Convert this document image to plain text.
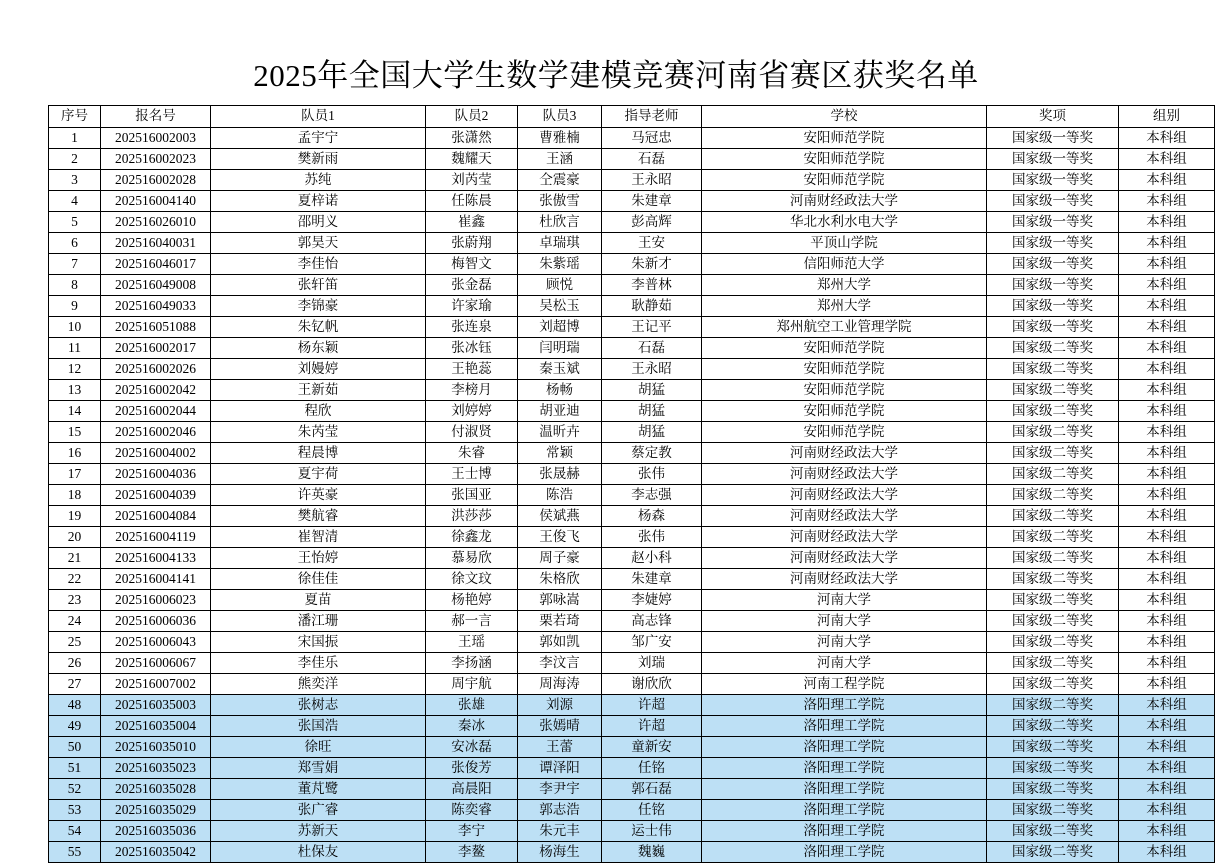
2025年全国大学生数学建模竞赛河南省赛区获奖名单
序号	报名号	队员1	队员2	队员3	指导老师	学校	奖项	组别
1	202516002003	孟宇宁	张潇然	曹雅楠	马冠忠	安阳师范学院	国家级一等奖	本科组
2	202516002023	樊新雨	魏耀天	王涵	石磊	安阳师范学院	国家级一等奖	本科组
3	202516002028	苏纯	刘芮莹	仝震豪	王永昭	安阳师范学院	国家级一等奖	本科组
4	202516004140	夏梓诺	任陈晨	张傲雪	朱建章	河南财经政法大学	国家级一等奖	本科组
5	202516026010	邵明义	崔鑫	杜欣言	彭高辉	华北水利水电大学	国家级一等奖	本科组
6	202516040031	郭昊天	张蔚翔	卓瑞琪	王安	平顶山学院	国家级一等奖	本科组
7	202516046017	李佳怡	梅智文	朱紫瑶	朱新才	信阳师范大学	国家级一等奖	本科组
8	202516049008	张轩笛	张金磊	顾悦	李普林	郑州大学	国家级一等奖	本科组
9	202516049033	李锦豪	许家瑜	吴松玉	耿静茹	郑州大学	国家级一等奖	本科组
10	202516051088	朱钇帆	张连泉	刘超博	王记平	郑州航空工业管理学院	国家级一等奖	本科组
11	202516002017	杨东颖	张冰钰	闫明瑞	石磊	安阳师范学院	国家级二等奖	本科组
12	202516002026	刘嫚婷	王艳蕊	秦玉斌	王永昭	安阳师范学院	国家级二等奖	本科组
13	202516002042	王新茹	李榜月	杨畅	胡猛	安阳师范学院	国家级二等奖	本科组
14	202516002044	程欣	刘婷婷	胡亚迪	胡猛	安阳师范学院	国家级二等奖	本科组
15	202516002046	朱芮莹	付淑贤	温昕卉	胡猛	安阳师范学院	国家级二等奖	本科组
16	202516004002	程晨博	朱睿	常颖	蔡定教	河南财经政法大学	国家级二等奖	本科组
17	202516004036	夏宇荷	王士博	张晟赫	张伟	河南财经政法大学	国家级二等奖	本科组
18	202516004039	许英豪	张国亚	陈浩	李志强	河南财经政法大学	国家级二等奖	本科组
19	202516004084	樊航睿	洪莎莎	侯斌燕	杨森	河南财经政法大学	国家级二等奖	本科组
20	202516004119	崔智清	徐鑫龙	王俊飞	张伟	河南财经政法大学	国家级二等奖	本科组
21	202516004133	王怡婷	慕易欣	周子豪	赵小科	河南财经政法大学	国家级二等奖	本科组
22	202516004141	徐佳佳	徐文玟	朱格欣	朱建章	河南财经政法大学	国家级二等奖	本科组
23	202516006023	夏苗	杨艳婷	郭咏嵩	李婕婷	河南大学	国家级二等奖	本科组
24	202516006036	潘江珊	郝一言	栗若琦	高志锋	河南大学	国家级二等奖	本科组
25	202516006043	宋国振	王瑶	郭如凯	邹广安	河南大学	国家级二等奖	本科组
26	202516006067	李佳乐	李扬涵	李汶言	刘瑞	河南大学	国家级二等奖	本科组
27	202516007002	熊奕洋	周宇航	周海涛	谢欣欣	河南工程学院	国家级二等奖	本科组
48	202516035003	张树志	张雄	刘源	许超	洛阳理工学院	国家级二等奖	本科组
49	202516035004	张国浩	秦冰	张嫣晴	许超	洛阳理工学院	国家级二等奖	本科组
50	202516035010	徐旺	安冰磊	王蕾	童新安	洛阳理工学院	国家级二等奖	本科组
51	202516035023	郑雪娟	张俊芳	谭泽阳	任铭	洛阳理工学院	国家级二等奖	本科组
52	202516035028	董芃鹭	高晨阳	李尹宇	郭石磊	洛阳理工学院	国家级二等奖	本科组
53	202516035029	张广睿	陈奕睿	郭志浩	任铭	洛阳理工学院	国家级二等奖	本科组
54	202516035036	苏新天	李宁	朱元丰	运士伟	洛阳理工学院	国家级二等奖	本科组
55	202516035042	杜保友	李鳌	杨海生	魏巍	洛阳理工学院	国家级二等奖	本科组
